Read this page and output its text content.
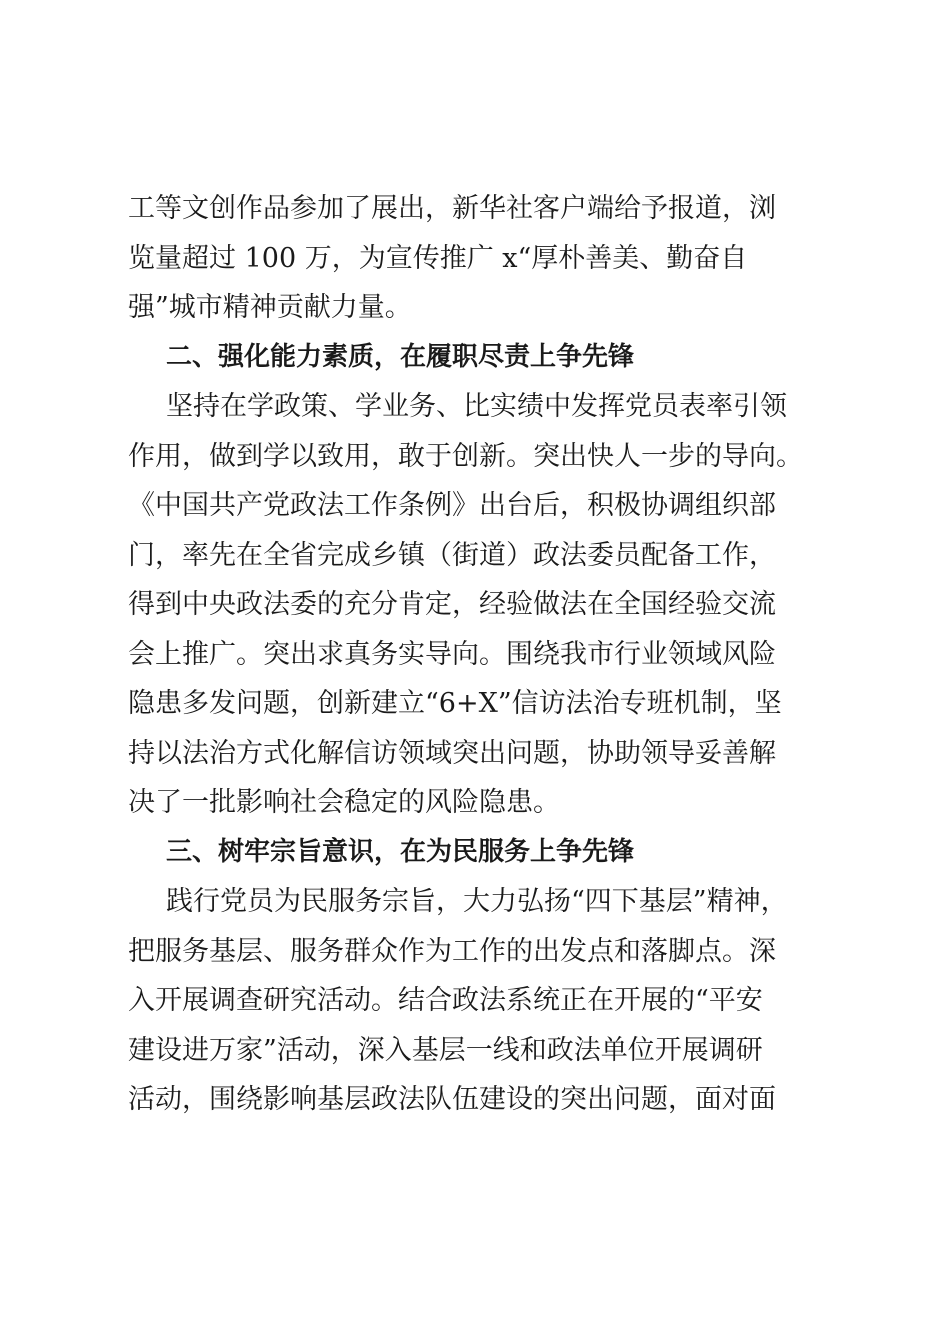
工等文创作品参加了展出，新华社客户端给予报道，浏
览量超过 100 万，为宣传推广 x“厚朴善美、勤奋自
强”城市精神贡献力量。
二、强化能力素质，在履职尽责上争先锋
坚持在学政策、学业务、比实绩中发挥党员表率引领
作用，做到学以致用，敢于创新。突出快人一步的导向。
《中国共产党政法工作条例》出台后，积极协调组织部
门，率先在全省完成乡镇（街道）政法委员配备工作，
得到中央政法委的充分肯定，经验做法在全国经验交流
会上推广。突出求真务实导向。围绕我市行业领域风险
隐患多发问题，创新建立“6+X”信访法治专班机制，坚
持以法治方式化解信访领域突出问题，协助领导妥善解
决了一批影响社会稳定的风险隐患。
三、树牢宗旨意识，在为民服务上争先锋
践行党员为民服务宗旨，大力弘扬“四下基层”精神，
把服务基层、服务群众作为工作的出发点和落脚点。深
入开展调查研究活动。结合政法系统正在开展的“平安
建设进万家”活动，深入基层一线和政法单位开展调研
活动，围绕影响基层政法队伍建设的突出问题，面对面
